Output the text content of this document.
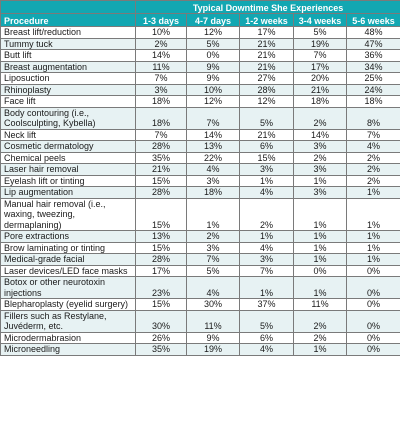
	Typical Downtime She Experiences				
Procedure	1-3 days	4-7 days	1-2 weeks	3-4 weeks	5-6 weeks
Breast lift/reduction	10%	12%	17%	5%	48%
Tummy tuck	2%	5%	21%	19%	47%
Butt lift	14%	0%	21%	7%	36%
Breast augmentation	11%	9%	21%	17%	34%
Liposuction	7%	9%	27%	20%	25%
Rhinoplasty	3%	10%	28%	21%	24%
Face lift	18%	12%	12%	18%	18%
Body contouring (i.e., Coolsculpting, Kybella)	18%	7%	5%	2%	8%
Neck lift	7%	14%	21%	14%	7%
Cosmetic dermatology	28%	13%	6%	3%	4%
Chemical peels	35%	22%	15%	2%	2%
Laser hair removal	21%	4%	3%	3%	2%
Eyelash lift or tinting	15%	3%	1%	1%	2%
Lip augmentation	28%	18%	4%	3%	1%
Manual hair removal (i.e., waxing, tweezing, dermaplaning)	15%	1%	2%	1%	1%
Pore extractions	13%	2%	1%	1%	1%
Brow laminating or tinting	15%	3%	4%	1%	1%
Medical-grade facial	28%	7%	3%	1%	1%
Laser devices/LED face masks	17%	5%	7%	0%	0%
Botox or other neurotoxin injections	23%	4%	1%	1%	0%
Blepharoplasty (eyelid surgery)	15%	30%	37%	11%	0%
Fillers such as Restylane, Juvéderm, etc.	30%	11%	5%	2%	0%
Microdermabrasion	26%	9%	6%	2%	0%
Microneedling	35%	19%	4%	1%	0%
